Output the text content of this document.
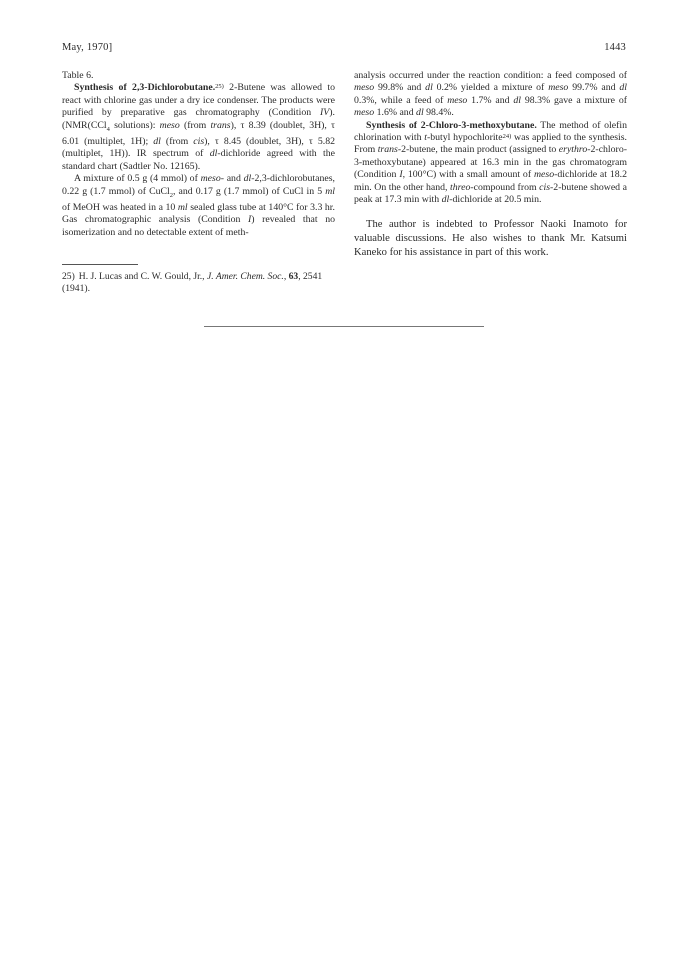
May, 1970]	1443

Table 6.

Synthesis of 2,3-Dichlorobutane.$^{25)}$ 2-Butene was allowed to react with chlorine gas under a dry ice condenser. The products were purified by preparative gas chromatography (Condition IV). (NMR(CCl$_4$ solutions): meso (from trans), τ 8.39 (doublet, 3H), τ 6.01 (multiplet, 1H); dl (from cis), τ 8.45 (doublet, 3H), τ 5.82 (multiplet, 1H)). IR spectrum of dl-dichloride agreed with the standard chart (Sadtler No. 12165).

A mixture of 0.5 g (4 mmol) of meso- and dl-2,3-dichlorobutanes, 0.22 g (1.7 mmol) of CuCl$_2$, and 0.17 g (1.7 mmol) of CuCl in 5 ml of MeOH was heated in a 10 ml sealed glass tube at 140°C for 3.3 hr. Gas chromatographic analysis (Condition I) revealed that no isomerization and no detectable extent of meth-

25) H. J. Lucas and C. W. Gould, Jr., J. Amer. Chem. Soc., 63, 2541 (1941).

analysis occurred under the reaction condition: a feed composed of meso 99.8% and dl 0.2% yielded a mixture of meso 99.7% and dl 0.3%, while a feed of meso 1.7% and dl 98.3% gave a mixture of meso 1.6% and dl 98.4%.

Synthesis of 2-Chloro-3-methoxybutane. The method of olefin chlorination with t-butyl hypochlorite$^{24)}$ was applied to the synthesis. From trans-2-butene, the main product (assigned to erythro-2-chloro-3-methoxybutane) appeared at 16.3 min in the gas chromatogram (Condition I, 100°C) with a small amount of meso-dichloride at 18.2 min. On the other hand, threo-compound from cis-2-butene showed a peak at 17.3 min with dl-dichloride at 20.5 min.

The author is indebted to Professor Naoki Inamoto for valuable discussions. He also wishes to thank Mr. Katsumi Kaneko for his assistance in part of this work.
